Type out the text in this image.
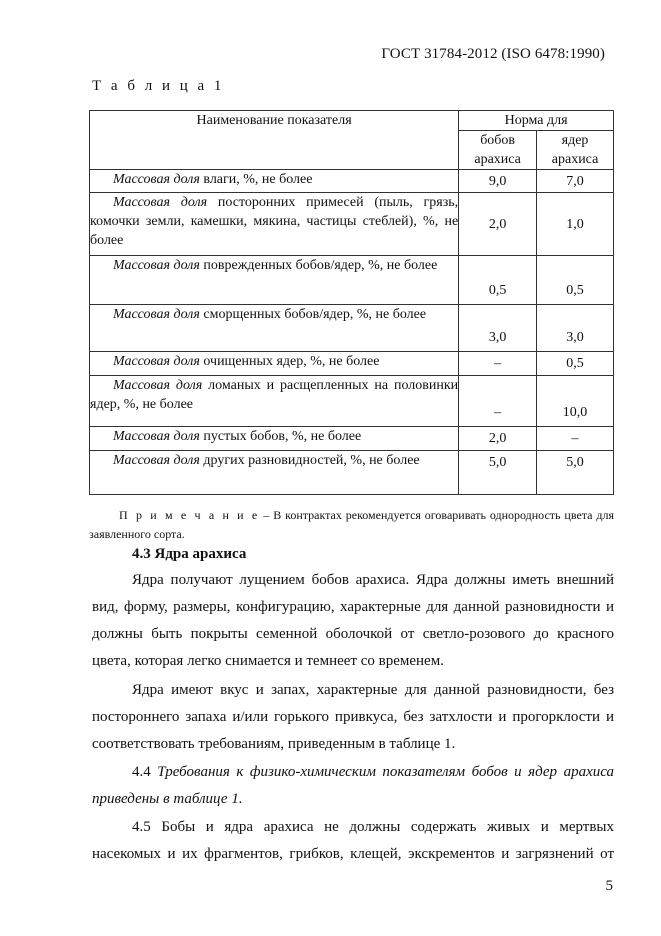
ГОСТ 31784-2012 (ISO 6478:1990)
Т а б л и ц а 1
Наименование показателя	Норма для	
	бобов арахиса	ядер арахиса
Массовая доля влаги, %, не более	9,0	7,0
Массовая доля посторонних примесей (пыль, грязь, комочки земли, камешки, мякина, частицы стеблей), %, не более	2,0	1,0
Массовая доля поврежденных бобов/ядер, %, не более	0,5	0,5
Массовая доля сморщенных бобов/ядер, %, не более	3,0	3,0
Массовая доля очищенных ядер, %, не более	–	0,5
Массовая доля ломаных и расщепленных на половинки ядер, %, не более	–	10,0
Массовая доля пустых бобов, %, не более	2,0	–
Массовая доля других разновидностей, %, не более	5,0	5,0
П р и м е ч а н и е – В контрактах рекомендуется оговаривать однородность цвета для заявленного сорта.
4.3 Ядра арахиса
Ядра получают лущением бобов арахиса. Ядра должны иметь внешний вид, форму, размеры, конфигурацию, характерные для данной разновидности и должны быть покрыты семенной оболочкой от светло-розового до красного цвета, которая легко снимается и темнеет со временем.
Ядра имеют вкус и запах, характерные для данной разновидности, без постороннего запаха и/или горького привкуса, без затхлости и прогорклости и соответствовать требованиям, приведенным в таблице 1.
4.4 Требования к физико-химическим показателям бобов и ядер арахиса приведены в таблице 1.
4.5 Бобы и ядра арахиса не должны содержать живых и мертвых насекомых и их фрагментов, грибков, клещей, экскрементов и загрязнений от
5
